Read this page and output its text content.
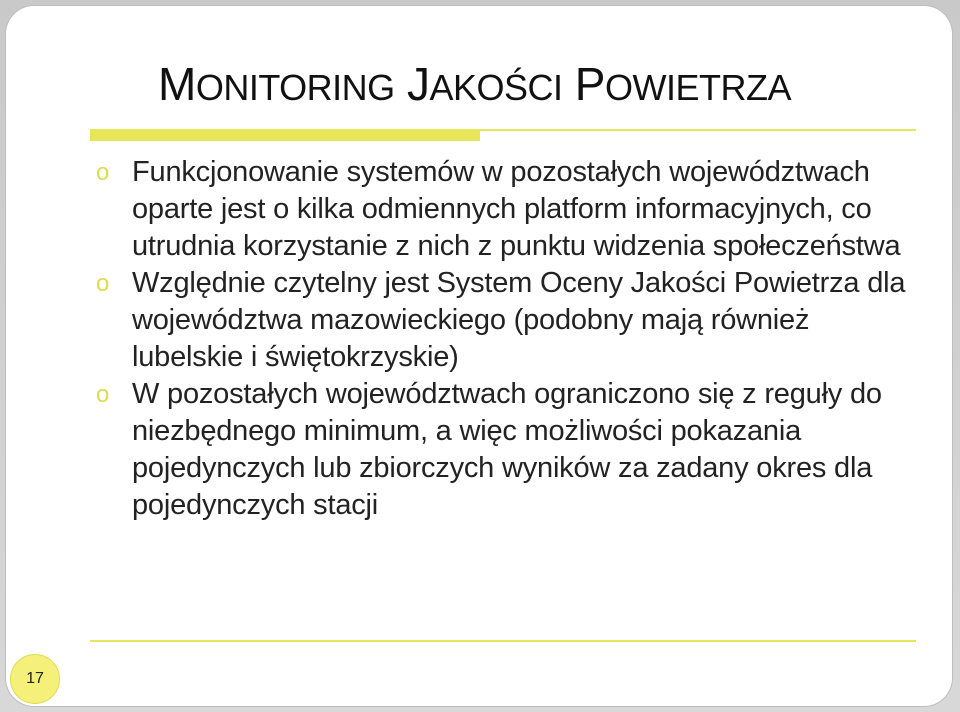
MONITORING JAKOŚCI POWIETRZA
o Funkcjonowanie systemów w pozostałych województwach oparte jest o kilka odmiennych platform informacyjnych, co utrudnia korzystanie z nich z punktu widzenia społeczeństwa
o Względnie czytelny jest System Oceny Jakości Powietrza dla województwa mazowieckiego (podobny mają również lubelskie i świętokrzyskie)
o W pozostałych województwach ograniczono się z reguły do niezbędnego minimum, a więc możliwości pokazania pojedynczych lub zbiorczych wyników za zadany okres dla pojedynczych stacji
17
